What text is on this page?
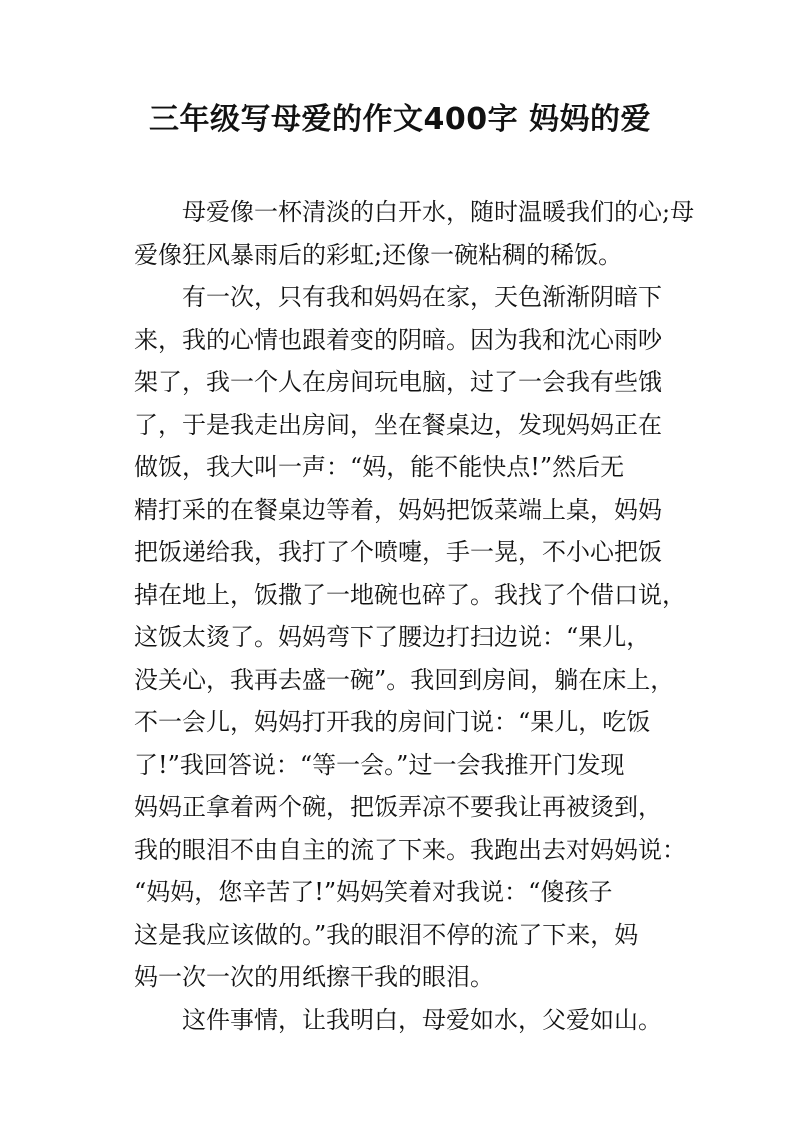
三年级写母爱的作文400字 妈妈的爱
母爱像一杯清淡的白开水，随时温暖我们的心;母
爱像狂风暴雨后的彩虹;还像一碗粘稠的稀饭。
有一次，只有我和妈妈在家，天色渐渐阴暗下
来，我的心情也跟着变的阴暗。因为我和沈心雨吵
架了，我一个人在房间玩电脑，过了一会我有些饿
了，于是我走出房间，坐在餐桌边，发现妈妈正在
做饭，我大叫一声：“妈，能不能快点!”然后无
精打采的在餐桌边等着，妈妈把饭菜端上桌，妈妈
把饭递给我，我打了个喷嚏，手一晃，不小心把饭
掉在地上，饭撒了一地碗也碎了。我找了个借口说，
这饭太烫了。妈妈弯下了腰边打扫边说：“果儿，
没关心，我再去盛一碗”。我回到房间，躺在床上，
不一会儿，妈妈打开我的房间门说：“果儿，吃饭
了!”我回答说：“等一会。”过一会我推开门发现
妈妈正拿着两个碗，把饭弄凉不要我让再被烫到，
我的眼泪不由自主的流了下来。我跑出去对妈妈说：
“妈妈，您辛苦了!”妈妈笑着对我说：“傻孩子
这是我应该做的。”我的眼泪不停的流了下来，妈
妈一次一次的用纸擦干我的眼泪。
这件事情，让我明白，母爱如水，父爱如山。
